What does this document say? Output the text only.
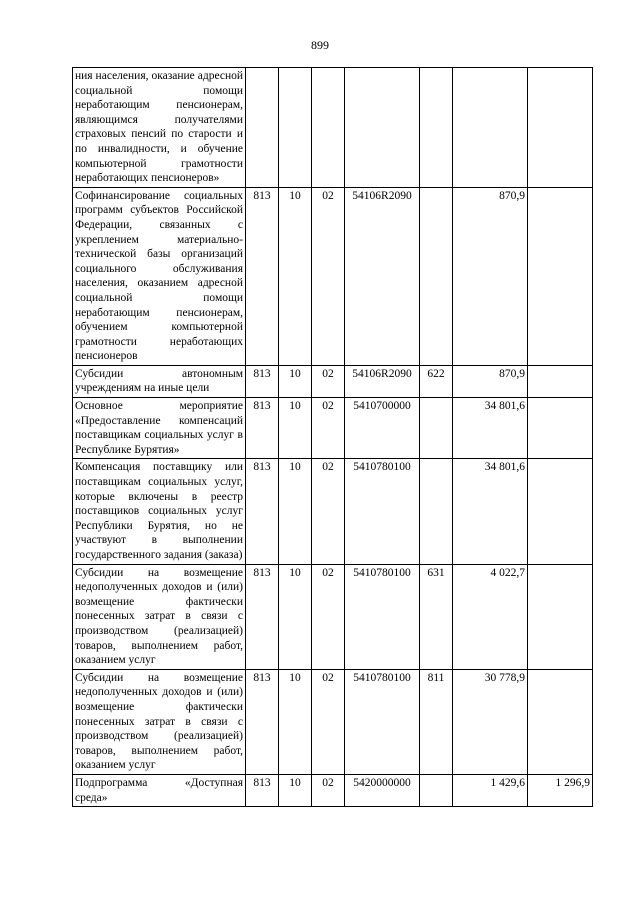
899
ния населения, оказание адресной социальной помощи неработающим пенсионерам, являющимся получателями страховых пенсий по старости и по инвалидности, и обучение компьютерной грамотности неработающих пенсионеров»							
Софинансирование социальных программ субъектов Российской Федерации, связанных с укреплением материально-технической базы организаций социального обслуживания населения, оказанием адресной социальной помощи неработающим пенсионерам, обучением компьютерной грамотности неработающих пенсионеров	813	10	02	54106R2090		870,9	
Субсидии автономным учреждениям на иные цели	813	10	02	54106R2090	622	870,9	
Основное мероприятие «Предоставление компенсаций поставщикам социальных услуг в Республике Бурятия»	813	10	02	5410700000		34 801,6	
Компенсация поставщику или поставщикам социальных услуг, которые включены в реестр поставщиков социальных услуг Республики Бурятия, но не участвуют в выполнении государственного задания (заказа)	813	10	02	5410780100		34 801,6	
Субсидии на возмещение недополученных доходов и (или) возмещение фактически понесенных затрат в связи с производством (реализацией) товаров, выполнением работ, оказанием услуг	813	10	02	5410780100	631	4 022,7	
Субсидии на возмещение недополученных доходов и (или) возмещение фактически понесенных затрат в связи с производством (реализацией) товаров, выполнением работ, оказанием услуг	813	10	02	5410780100	811	30 778,9	
Подпрограмма «Доступная среда»	813	10	02	5420000000		1 429,6	1 296,9
